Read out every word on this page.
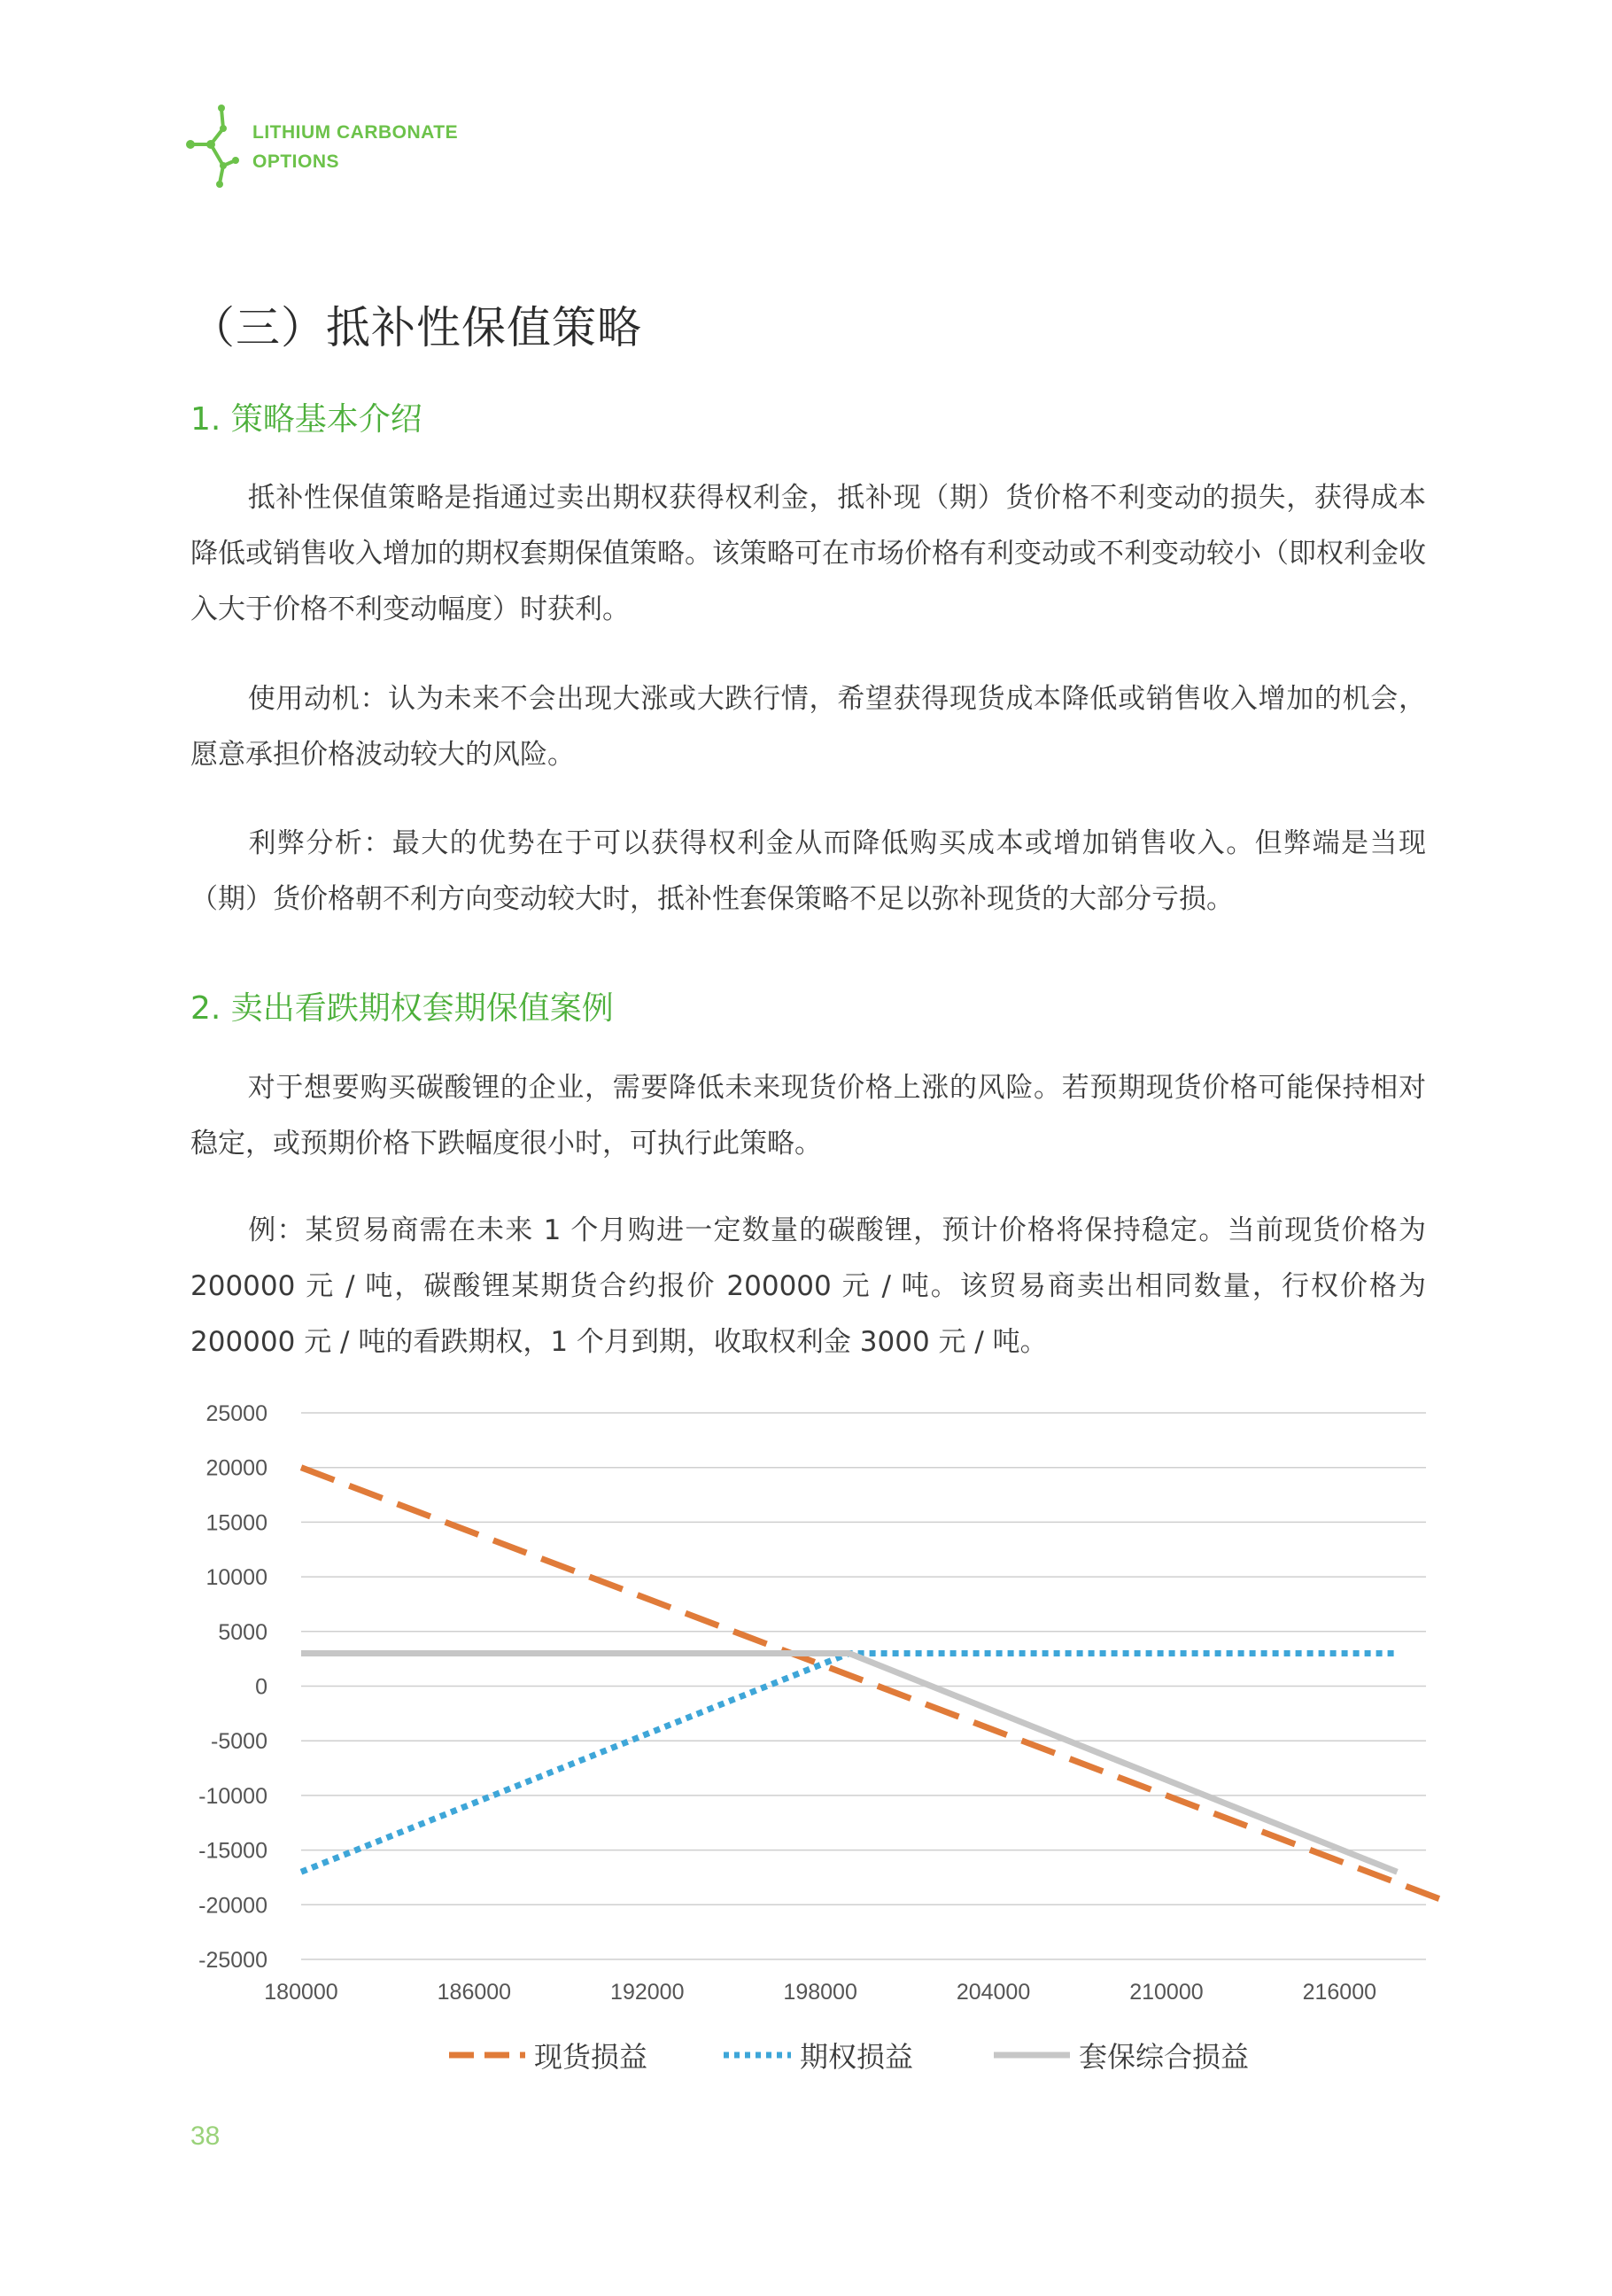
LITHIUM CARBONATE
OPTIONS
（三）抵补性保值策略
1. 策略基本介绍

抵补性保值策略是指通过卖出期权获得权利金，抵补现（期）货价格不利变动的损失，获得成本降低或销售收入增加的期权套期保值策略。该策略可在市场价格有利变动或不利变动较小（即权利金收入大于价格不利变动幅度）时获利。

使用动机：认为未来不会出现大涨或大跌行情，希望获得现货成本降低或销售收入增加的机会，愿意承担价格波动较大的风险。

利弊分析：最大的优势在于可以获得权利金从而降低购买成本或增加销售收入。但弊端是当现（期）货价格朝不利方向变动较大时，抵补性套保策略不足以弥补现货的大部分亏损。

2. 卖出看跌期权套期保值案例

对于想要购买碳酸锂的企业，需要降低未来现货价格上涨的风险。若预期现货价格可能保持相对稳定，或预期价格下跌幅度很小时，可执行此策略。

例：某贸易商需在未来 1 个月购进一定数量的碳酸锂，预计价格将保持稳定。当前现货价格为 200000 元 / 吨，碳酸锂某期货合约报价 200000 元 / 吨。该贸易商卖出相同数量，行权价格为 200000 元 / 吨的看跌期权，1 个月到期，收取权利金 3000 元 / 吨。

25000
20000
15000
10000
5000
0
-5000
-10000
-15000
-20000
-25000
180000	186000	192000	198000	204000	210000	216000
现货损益	期权损益	套保综合损益
38
